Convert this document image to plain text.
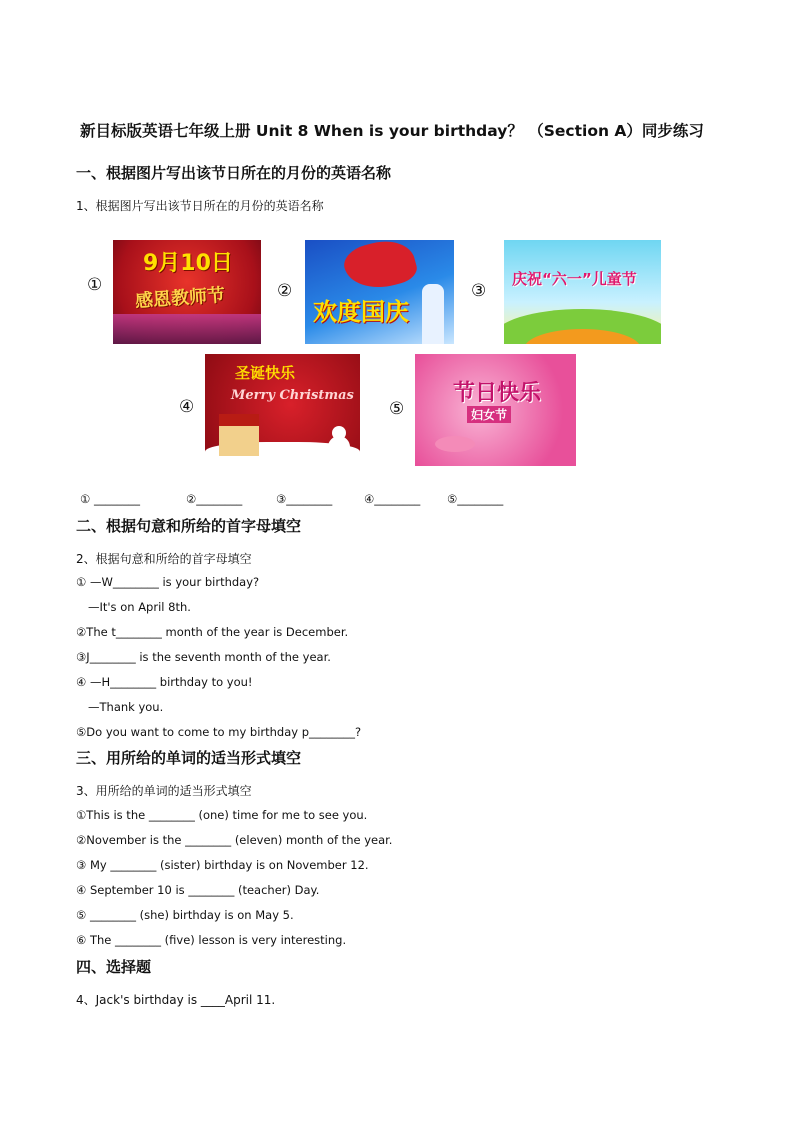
新目标版英语七年级上册 Unit 8 When is your birthday？ （Section A）同步练习
一、根据图片写出该节日所在的月份的英语名称
1、根据图片写出该节日所在的月份的英语名称
①
9月10日
感恩教师节	②
欢度国庆
③
庆祝“六一”儿童节
④
圣诞快乐
Merry Christmas
⑤
节日快乐
妇女节
① ________	②________	③________	④________ ⑤________
二、根据句意和所给的首字母填空
2、根据句意和所给的首字母填空
① —W________ is your birthday?
—It's on April 8th.
②The t________ month of the year is December.
③J________ is the seventh month of the year.
④ —H________ birthday to you!
—Thank you.
⑤Do you want to come to my birthday p________?
三、用所给的单词的适当形式填空
3、用所给的单词的适当形式填空
①This is the ________ (one) time for me to see you.
②November is the ________ (eleven) month of the year.
③ My ________ (sister) birthday is on November 12.
④ September 10 is ________ (teacher) Day.
⑤ ________ (she) birthday is on May 5.
⑥ The ________ (five) lesson is very interesting.
四、选择题
4、Jack's birthday is ____April 11.
